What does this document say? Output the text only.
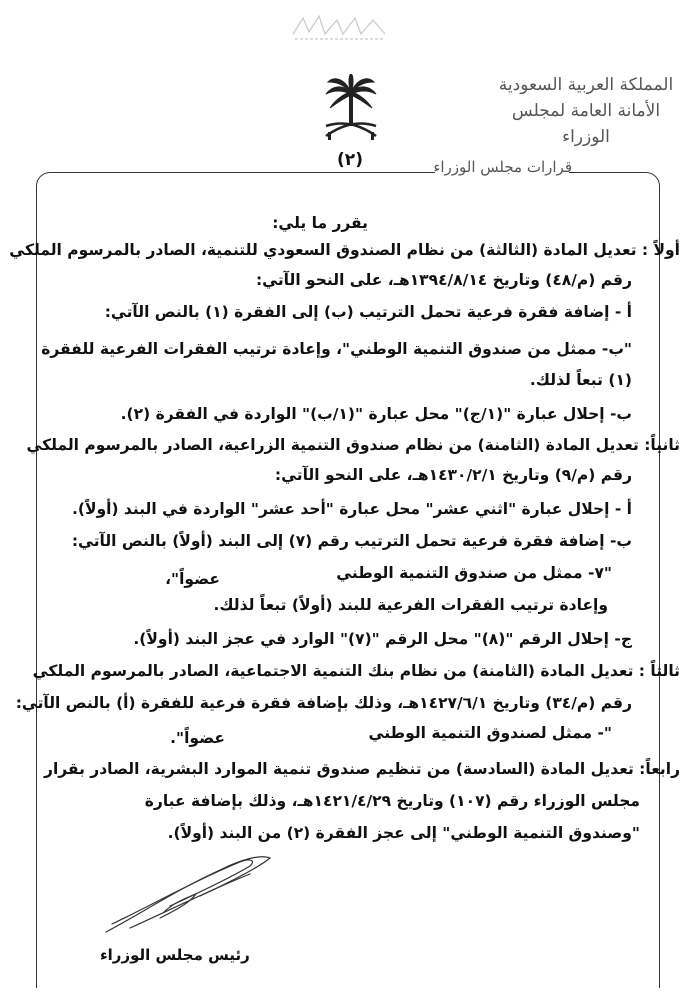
(٢)
المملكة العربية السعودية
الأمانة العامة لمجلس الوزراء
قرارات مجلس الوزراء
يقرر ما يلي:
أولاً : تعديل المادة (الثالثة) من نظام الصندوق السعودي للتنمية، الصادر بالمرسوم الملكي
رقم (م/٤٨) وتاريخ ١٣٩٤/٨/١٤هـ، على النحو الآتي:
أ - إضافة فقرة فرعية تحمل الترتيب (ب) إلى الفقرة (١) بالنص الآتي:
"ب- ممثل من صندوق التنمية الوطني"، وإعادة ترتيب الفقرات الفرعية للفقرة
(١) تبعاً لذلك.
ب- إحلال عبارة "(١/ج)" محل عبارة "(١/ب)" الواردة في الفقرة (٢).
ثانياً: تعديل المادة (الثامنة) من نظام صندوق التنمية الزراعية، الصادر بالمرسوم الملكي
رقم (م/٩) وتاريخ ١٤٣٠/٢/١هـ، على النحو الآتي:
أ - إحلال عبارة "اثني عشر" محل عبارة "أحد عشر" الواردة في البند (أولاً).
ب- إضافة فقرة فرعية تحمل الترتيب رقم (٧) إلى البند (أولاً) بالنص الآتي:
"٧- ممثل من صندوق التنمية الوطني
عضواً"،
وإعادة ترتيب الفقرات الفرعية للبند (أولاً) تبعاً لذلك.
ج- إحلال الرقم "(٨)" محل الرقم "(٧)" الوارد في عجز البند (أولاً).
ثالثاً : تعديل المادة (الثامنة) من نظام بنك التنمية الاجتماعية، الصادر بالمرسوم الملكي
رقم (م/٣٤) وتاريخ ١٤٢٧/٦/١هـ، وذلك بإضافة فقرة فرعية للفقرة (أ) بالنص الآتي:
"- ممثل لصندوق التنمية الوطني
عضواً".
رابعاً: تعديل المادة (السادسة) من تنظيم صندوق تنمية الموارد البشرية، الصادر بقرار
مجلس الوزراء رقم (١٠٧) وتاريخ ١٤٢١/٤/٢٩هـ، وذلك بإضافة عبارة
"وصندوق التنمية الوطني" إلى عجز الفقرة (٢) من البند (أولاً).
رئيس مجلس الوزراء
